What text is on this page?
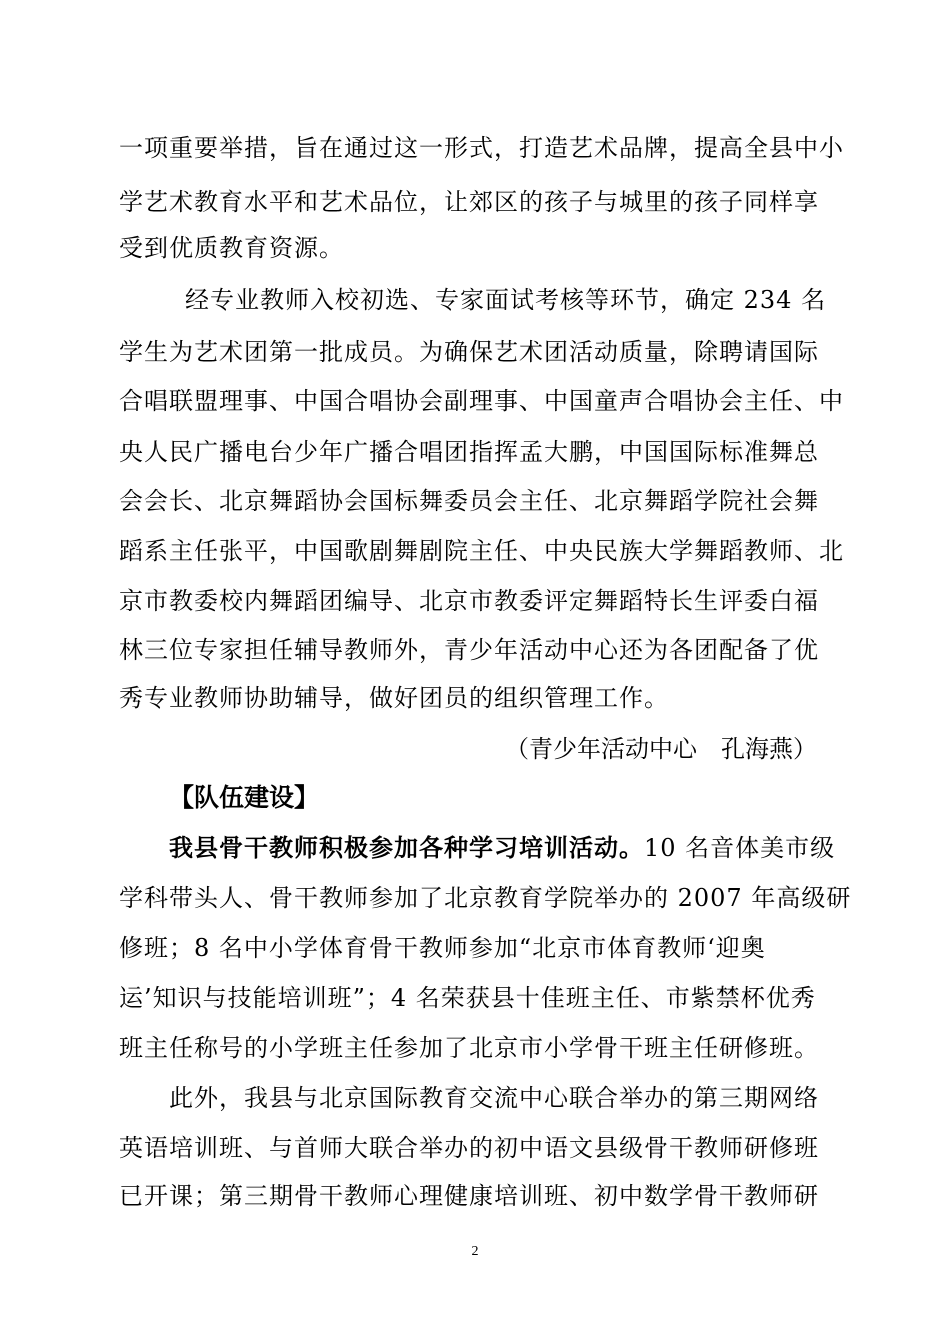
一项重要举措，旨在通过这一形式，打造艺术品牌，提高全县中小
学艺术教育水平和艺术品位，让郊区的孩子与城里的孩子同样享
受到优质教育资源。
经专业教师入校初选、专家面试考核等环节，确定 234 名
学生为艺术团第一批成员。为确保艺术团活动质量，除聘请国际
合唱联盟理事、中国合唱协会副理事、中国童声合唱协会主任、中
央人民广播电台少年广播合唱团指挥孟大鹏，中国国际标准舞总
会会长、北京舞蹈协会国标舞委员会主任、北京舞蹈学院社会舞
蹈系主任张平，中国歌剧舞剧院主任、中央民族大学舞蹈教师、北
京市教委校内舞蹈团编导、北京市教委评定舞蹈特长生评委白福
林三位专家担任辅导教师外，青少年活动中心还为各团配备了优
秀专业教师协助辅导，做好团员的组织管理工作。
（青少年活动中心　孔海燕）
【队伍建设】
我县骨干教师积极参加各种学习培训活动。10 名音体美市级
学科带头人、骨干教师参加了北京教育学院举办的 2007 年高级研
修班；8 名中小学体育骨干教师参加“北京市体育教师‘迎奥
运’知识与技能培训班”；4 名荣获县十佳班主任、市紫禁杯优秀
班主任称号的小学班主任参加了北京市小学骨干班主任研修班。
此外，我县与北京国际教育交流中心联合举办的第三期网络
英语培训班、与首师大联合举办的初中语文县级骨干教师研修班
已开课；第三期骨干教师心理健康培训班、初中数学骨干教师研
2
